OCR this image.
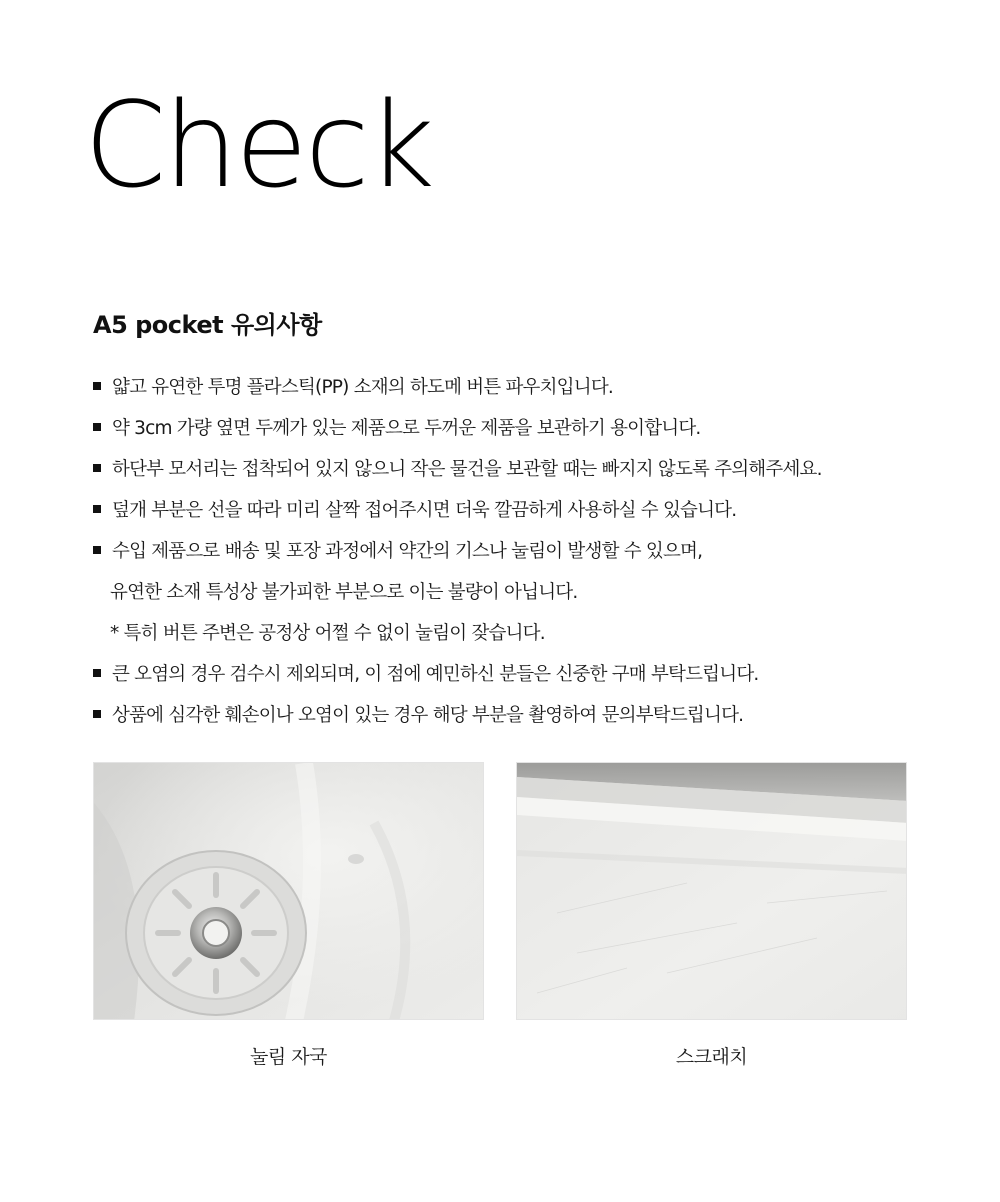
Check
A5 pocket 유의사항
얇고 유연한 투명 플라스틱(PP) 소재의 하도메 버튼 파우치입니다.
약 3cm 가량 옆면 두께가 있는 제품으로 두꺼운 제품을 보관하기 용이합니다.
하단부 모서리는 접착되어 있지 않으니 작은 물건을 보관할 때는 빠지지 않도록 주의해주세요.
덮개 부분은 선을 따라 미리 살짝 접어주시면 더욱 깔끔하게 사용하실 수 있습니다.
수입 제품으로 배송 및 포장 과정에서 약간의 기스나 눌림이 발생할 수 있으며,
유연한 소재 특성상 불가피한 부분으로 이는 불량이 아닙니다.
* 특히 버튼 주변은 공정상 어쩔 수 없이 눌림이 잦습니다.
큰 오염의 경우 검수시 제외되며, 이 점에 예민하신 분들은 신중한 구매 부탁드립니다.
상품에 심각한 훼손이나 오염이 있는 경우 해당 부분을 촬영하여 문의부탁드립니다.

눌림 자국	스크래치
